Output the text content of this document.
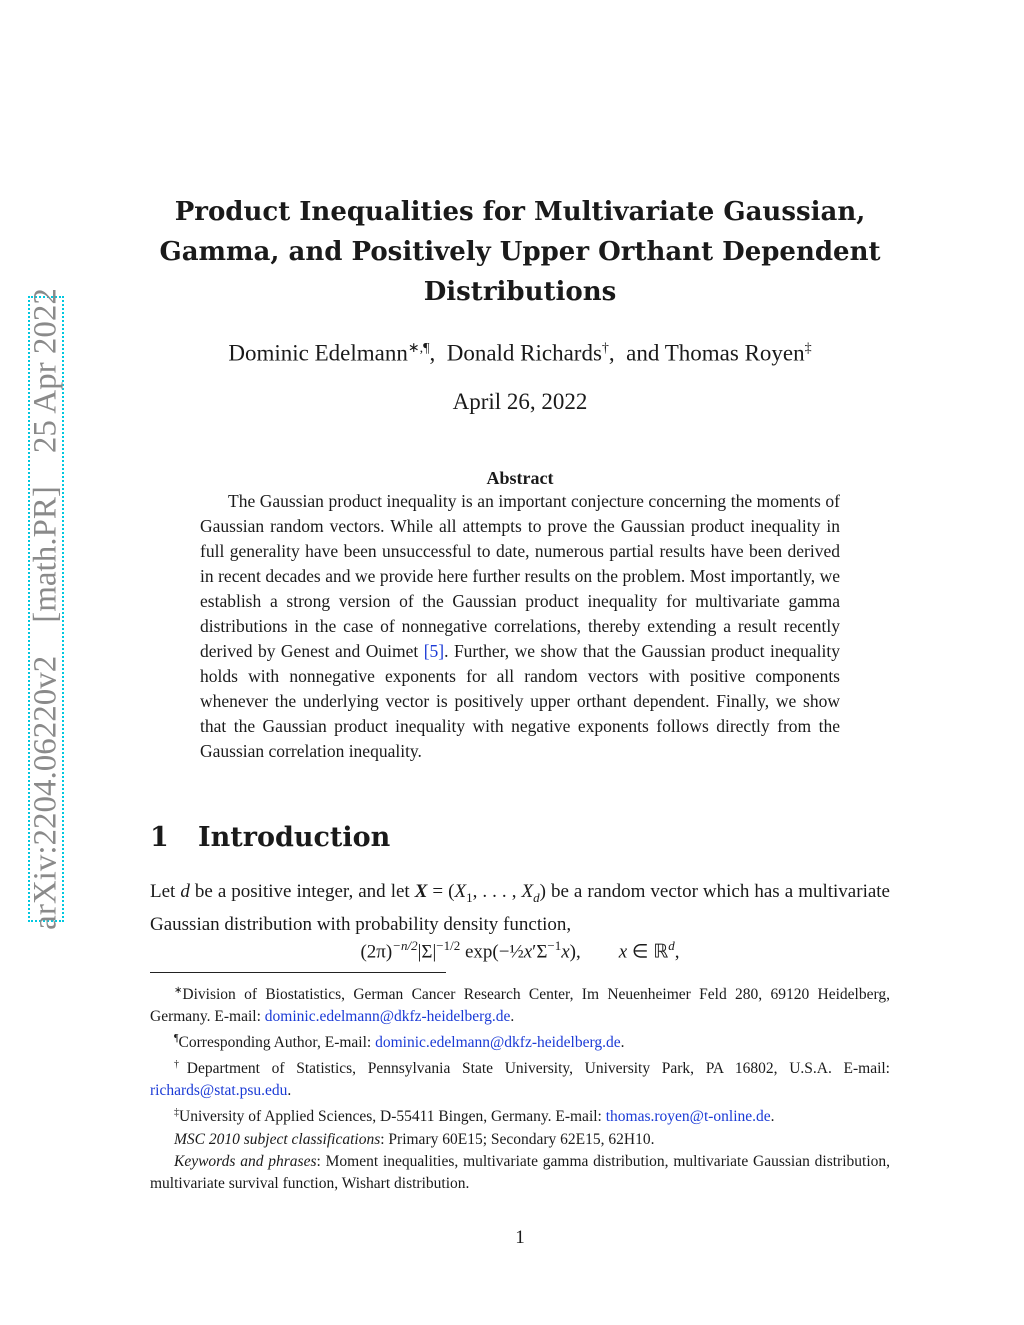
arXiv:2204.06220v2    [math.PR]    25 Apr 2022
Product Inequalities for Multivariate Gaussian,
Gamma, and Positively Upper Orthant Dependent
Distributions
Dominic Edelmann∗,¶,  Donald Richards†,  and Thomas Royen‡
April 26, 2022
Abstract
The Gaussian product inequality is an important conjecture concerning the moments of Gaussian random vectors. While all attempts to prove the Gaussian product inequality in full generality have been unsuccessful to date, numerous partial results have been derived in recent decades and we provide here further results on the problem. Most importantly, we establish a strong version of the Gaussian product inequality for multivariate gamma distributions in the case of nonnegative correlations, thereby extending a result recently derived by Genest and Ouimet [5]. Further, we show that the Gaussian product inequality holds with nonnegative exponents for all random vectors with positive components whenever the underlying vector is positively upper orthant dependent. Finally, we show that the Gaussian product inequality with negative exponents follows directly from the Gaussian correlation inequality.
1 Introduction
Let d be a positive integer, and let $X = (X_1$, . . . , $X_d$) be a random vector which has a multivariate Gaussian distribution with probability density function,
$(2\pi)^{-n/2}|\Sigma|^{-1/2}$ $\exp(-\frac{1}{2}x'\Sigma^{-1}x)$, x ∈ ℝ$^d$,
∗Division of Biostatistics, German Cancer Research Center, Im Neuenheimer Feld 280, 69120 Heidelberg, Germany. E-mail: dominic.edelmann@dkfz-heidelberg.de.
¶Corresponding Author, E-mail: dominic.edelmann@dkfz-heidelberg.de.
†Department of Statistics, Pennsylvania State University, University Park, PA 16802, U.S.A. E-mail: richards@stat.psu.edu.
‡University of Applied Sciences, D-55411 Bingen, Germany. E-mail: thomas.royen@t-online.de.
MSC 2010 subject classifications: Primary 60E15; Secondary 62E15, 62H10.
Keywords and phrases: Moment inequalities, multivariate gamma distribution, multivariate Gaussian distribution, multivariate survival function, Wishart distribution.
1
